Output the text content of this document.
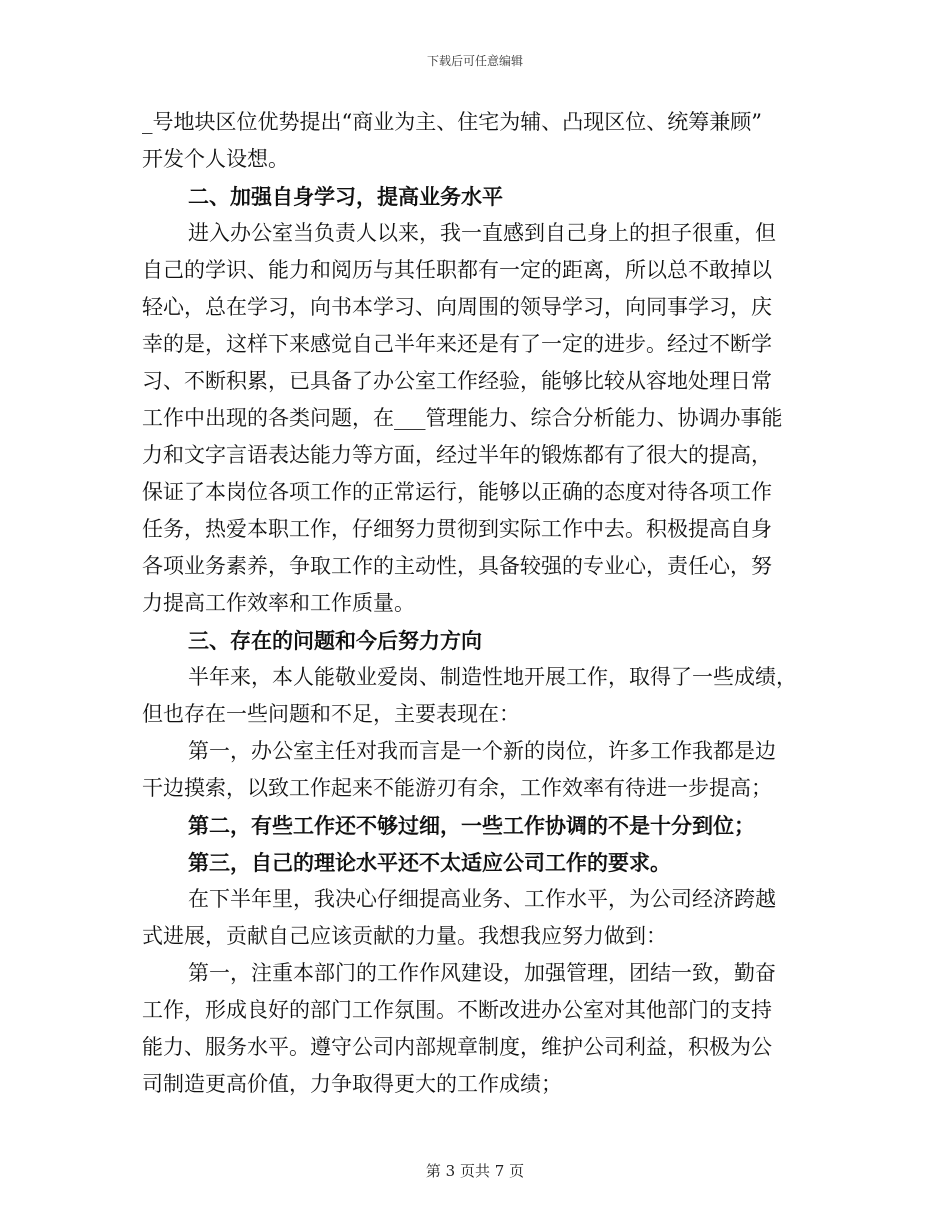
下载后可任意编辑
_号地块区位优势提出“商业为主、住宅为辅、凸现区位、统筹兼顾”
开发个人设想。
二、加强自身学习，提高业务水平
进入办公室当负责人以来，我一直感到自己身上的担子很重，但
自己的学识、能力和阅历与其任职都有一定的距离，所以总不敢掉以
轻心，总在学习，向书本学习、向周围的领导学习，向同事学习，庆
幸的是，这样下来感觉自己半年来还是有了一定的进步。经过不断学
习、不断积累，已具备了办公室工作经验，能够比较从容地处理日常
工作中出现的各类问题，在___管理能力、综合分析能力、协调办事能
力和文字言语表达能力等方面，经过半年的锻炼都有了很大的提高，
保证了本岗位各项工作的正常运行，能够以正确的态度对待各项工作
任务，热爱本职工作，仔细努力贯彻到实际工作中去。积极提高自身
各项业务素养，争取工作的主动性，具备较强的专业心，责任心，努
力提高工作效率和工作质量。
三、存在的问题和今后努力方向
半年来，本人能敬业爱岗、制造性地开展工作，取得了一些成绩，
但也存在一些问题和不足，主要表现在：
第一，办公室主任对我而言是一个新的岗位，许多工作我都是边
干边摸索，以致工作起来不能游刃有余，工作效率有待进一步提高；
第二，有些工作还不够过细，一些工作协调的不是十分到位；
第三，自己的理论水平还不太适应公司工作的要求。
在下半年里，我决心仔细提高业务、工作水平，为公司经济跨越
式进展，贡献自己应该贡献的力量。我想我应努力做到：
第一，注重本部门的工作作风建设，加强管理，团结一致，勤奋
工作，形成良好的部门工作氛围。不断改进办公室对其他部门的支持
能力、服务水平。遵守公司内部规章制度，维护公司利益，积极为公
司制造更高价值，力争取得更大的工作成绩；
第 3 页共 7 页
